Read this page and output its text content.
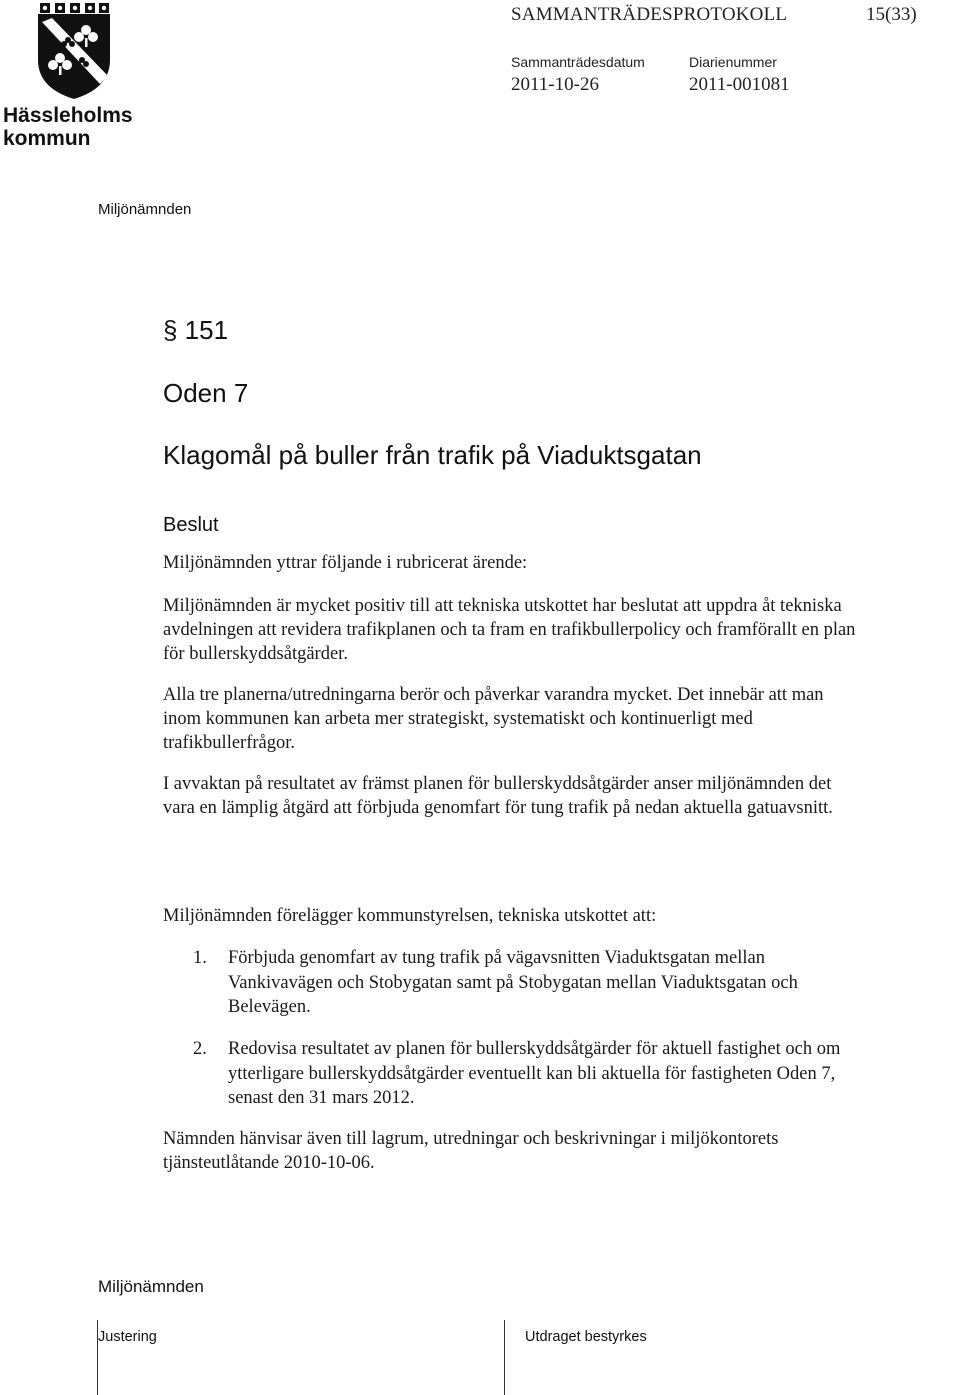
Hässleholms
kommun
SAMMANTRÄDESPROTOKOLL	15(33)
Sammanträdesdatum	Diarienummer
2011-10-26	2011-001081
Miljönämnden
§ 151
Oden 7
Klagomål på buller från trafik på Viaduktsgatan
Beslut
Miljönämnden yttrar följande i rubricerat ärende:
Miljönämnden är mycket positiv till att tekniska utskottet har beslutat att uppdra åt tekniska avdelningen att revidera trafikplanen och ta fram en trafikbullerpolicy och framförallt en plan för bullerskyddsåtgärder.
Alla tre planerna/utredningarna berör och påverkar varandra mycket. Det innebär att man inom kommunen kan arbeta mer strategiskt, systematiskt och kontinuerligt med trafikbullerfrågor.
I avvaktan på resultatet av främst planen för bullerskyddsåtgärder anser miljönämnden det vara en lämplig åtgärd att förbjuda genomfart för tung trafik på nedan aktuella gatuavsnitt.
Miljönämnden förelägger kommunstyrelsen, tekniska utskottet att:
1. Förbjuda genomfart av tung trafik på vägavsnitten Viaduktsgatan mellan Vankivavägen och Stobygatan samt på Stobygatan mellan Viaduktsgatan och Belevägen.
2. Redovisa resultatet av planen för bullerskyddsåtgärder för aktuell fastighet och om ytterligare bullerskyddsåtgärder eventuellt kan bli aktuella för fastigheten Oden 7, senast den 31 mars 2012.
Nämnden hänvisar även till lagrum, utredningar och beskrivningar i miljökontorets tjänsteutlåtande 2010-10-06.
Miljönämnden
Justering	Utdraget bestyrkes
